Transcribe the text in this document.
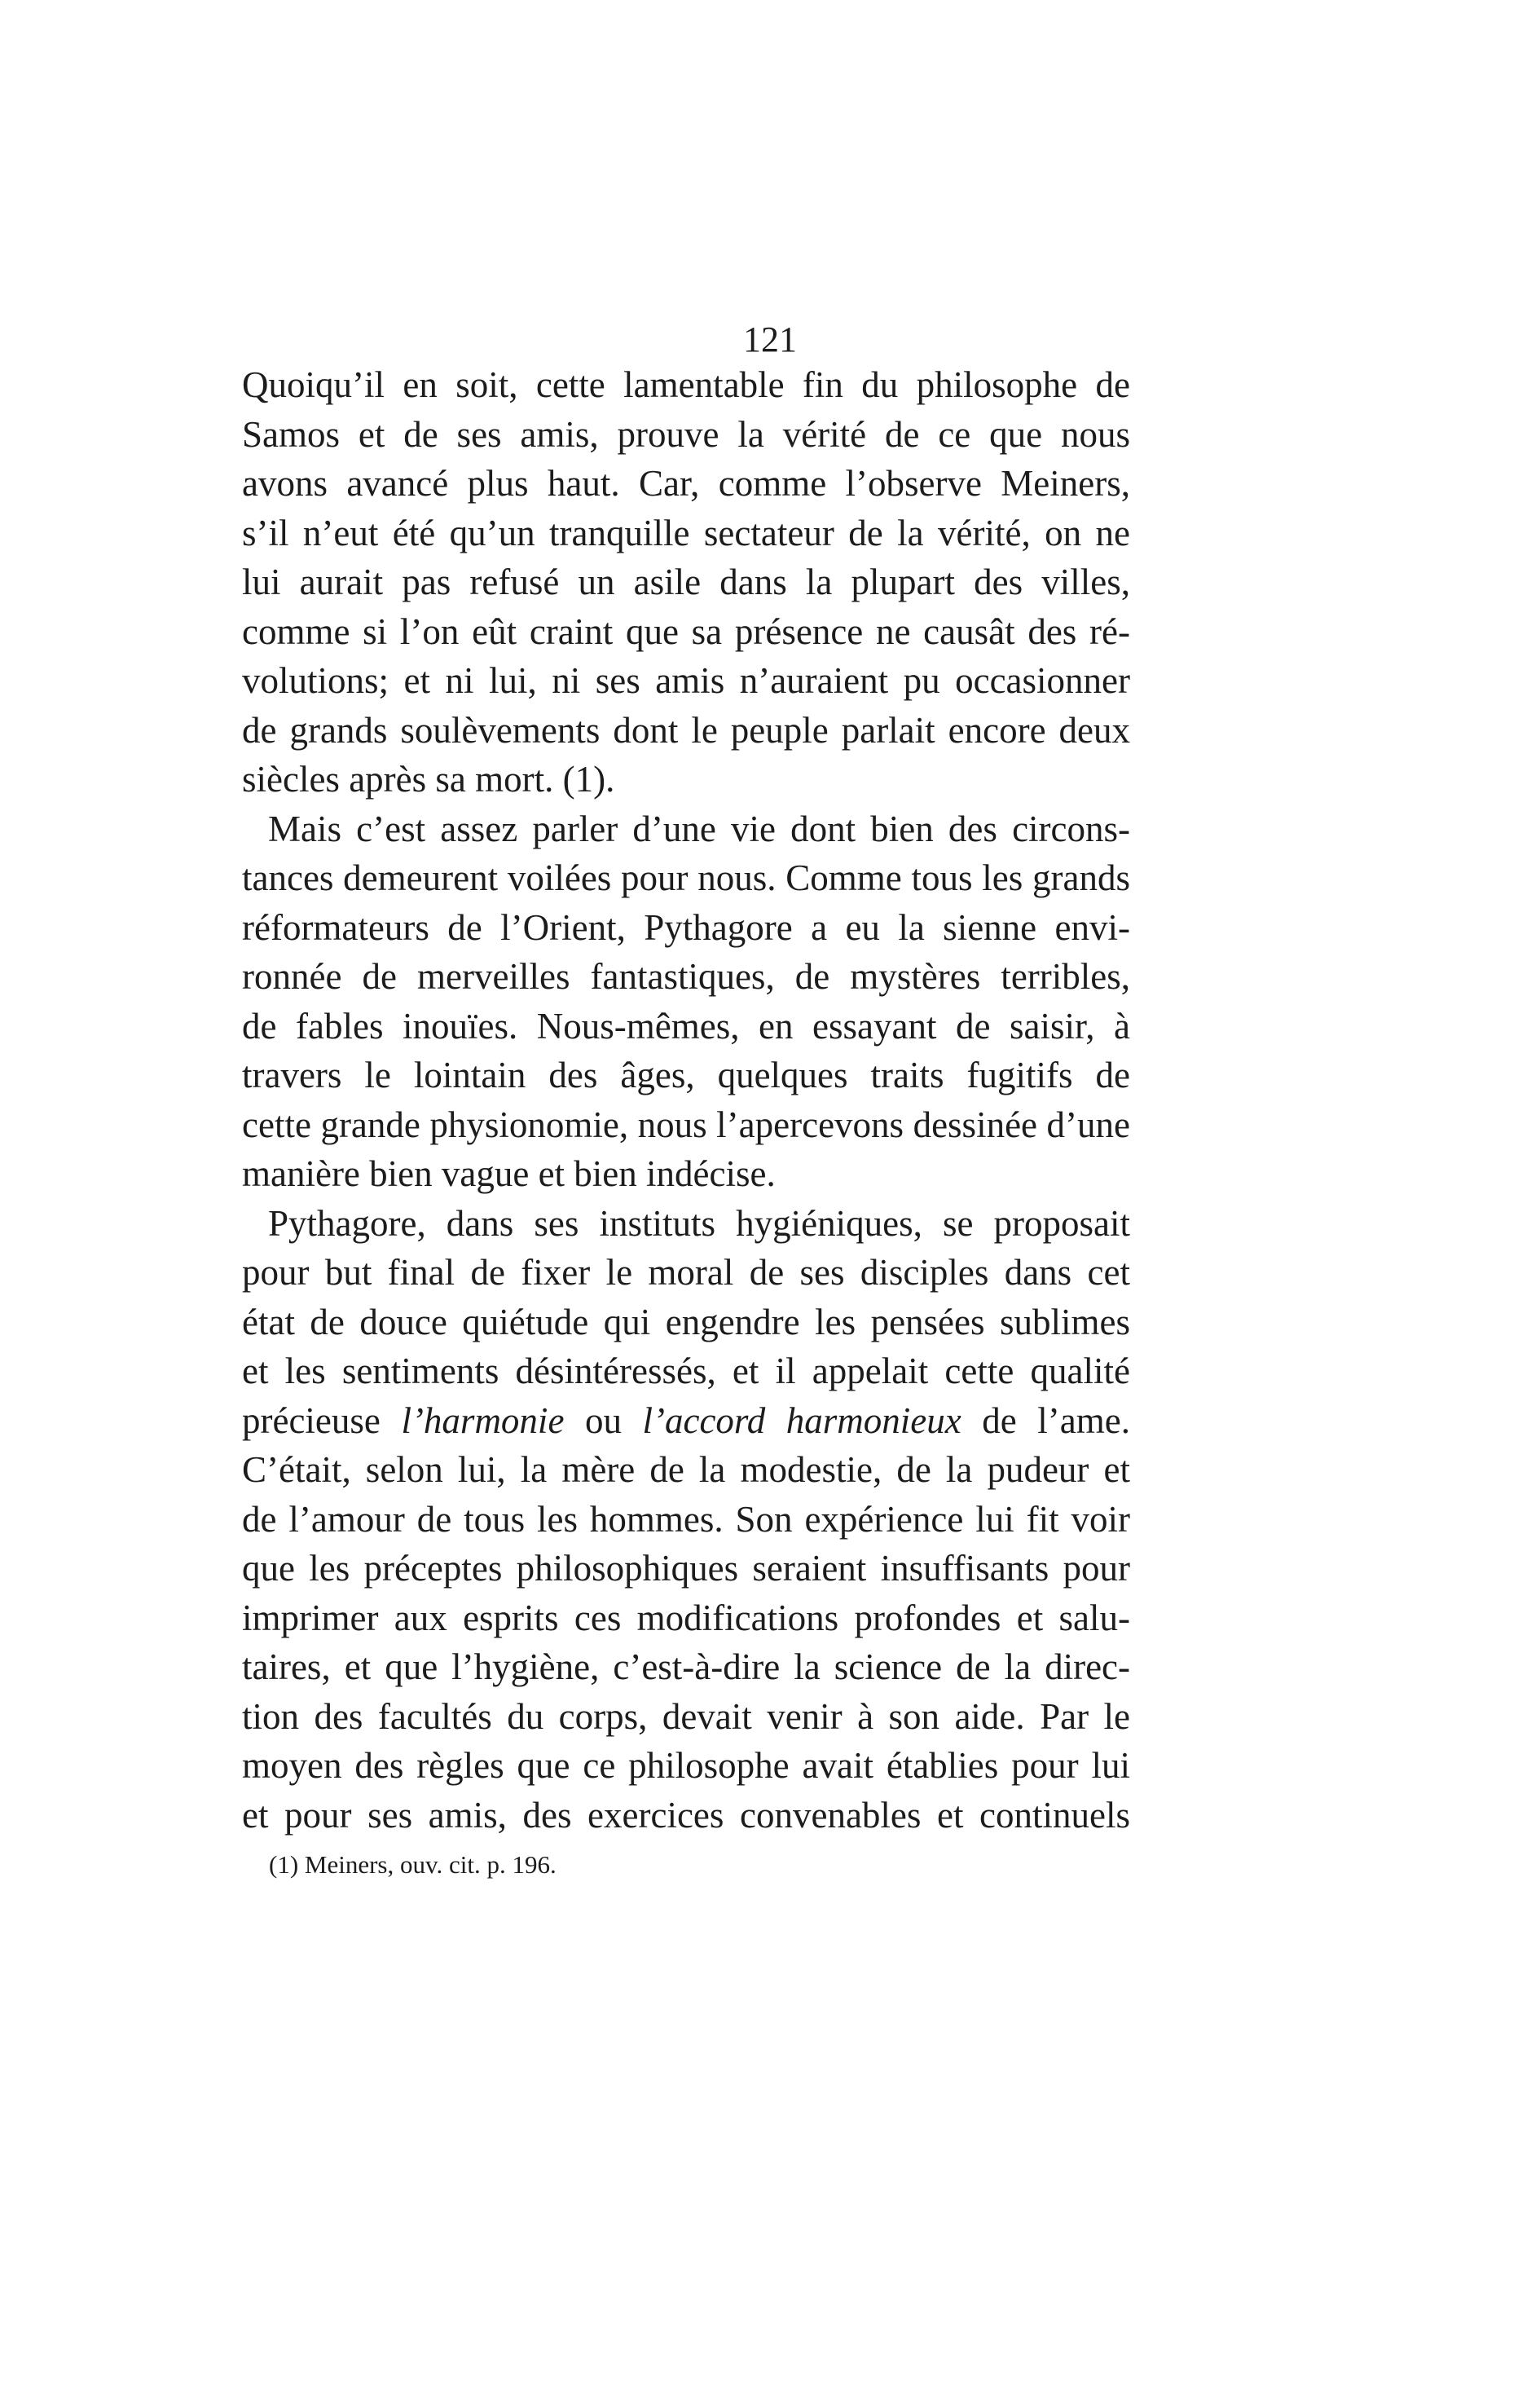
121
Quoiqu’il en soit, cette lamentable fin du philosophe de
Samos et de ses amis, prouve la vérité de ce que nous
avons avancé plus haut. Car, comme l’observe Meiners,
s’il n’eut été qu’un tranquille sectateur de la vérité, on ne
lui aurait pas refusé un asile dans la plupart des villes,
comme si l’on eût craint que sa présence ne causât des ré-
volutions; et ni lui, ni ses amis n’auraient pu occasionner
de grands soulèvements dont le peuple parlait encore deux
siècles après sa mort. (1).
Mais c’est assez parler d’une vie dont bien des circons-
tances demeurent voilées pour nous. Comme tous les grands
réformateurs de l’Orient, Pythagore a eu la sienne envi-
ronnée de merveilles fantastiques, de mystères terribles,
de fables inouïes. Nous-mêmes, en essayant de saisir, à
travers le lointain des âges, quelques traits fugitifs de
cette grande physionomie, nous l’apercevons dessinée d’une
manière bien vague et bien indécise.
Pythagore, dans ses instituts hygiéniques, se proposait
pour but final de fixer le moral de ses disciples dans cet
état de douce quiétude qui engendre les pensées sublimes
et les sentiments désintéressés, et il appelait cette qualité
précieuse l’harmonie ou l’accord harmonieux de l’ame.
C’était, selon lui, la mère de la modestie, de la pudeur et
de l’amour de tous les hommes. Son expérience lui fit voir
que les préceptes philosophiques seraient insuffisants pour
imprimer aux esprits ces modifications profondes et salu-
taires, et que l’hygiène, c’est-à-dire la science de la direc-
tion des facultés du corps, devait venir à son aide. Par le
moyen des règles que ce philosophe avait établies pour lui
et pour ses amis, des exercices convenables et continuels
(1) Meiners, ouv. cit. p. 196.
